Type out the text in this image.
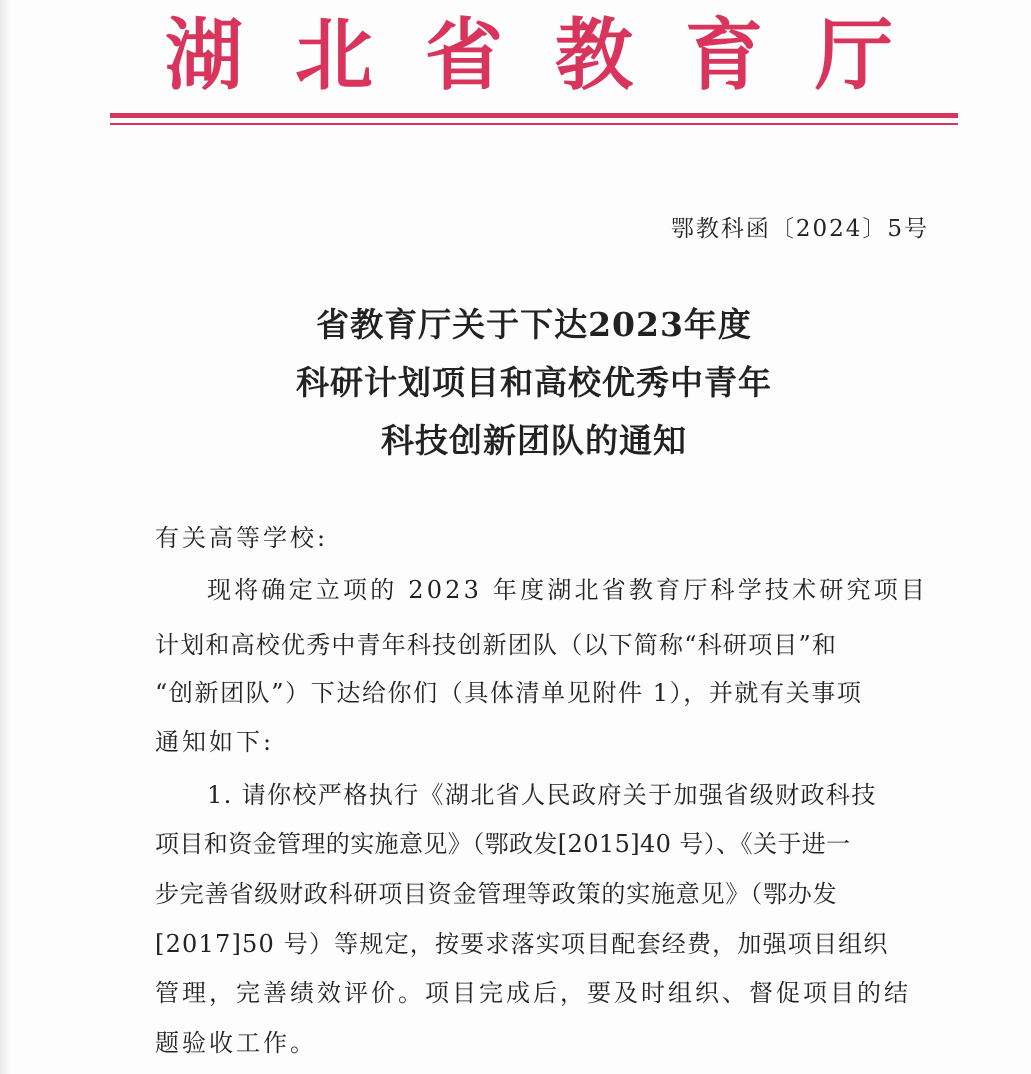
湖北省教育厅
鄂教科函〔2024〕5号
省教育厅关于下达2023年度
科研计划项目和高校优秀中青年
科技创新团队的通知
有关高等学校:
现将确定立项的 2023 年度湖北省教育厅科学技术研究项目
计划和高校优秀中青年科技创新团队（以下简称“科研项目”和
“创新团队”）下达给你们（具体清单见附件 1），并就有关事项
通知如下:
1. 请你校严格执行《湖北省人民政府关于加强省级财政科技
项目和资金管理的实施意见》（鄂政发[2015]40 号）、《关于进一
步完善省级财政科研项目资金管理等政策的实施意见》（鄂办发
[2017]50 号）等规定，按要求落实项目配套经费，加强项目组织
管理，完善绩效评价。项目完成后，要及时组织、督促项目的结
题验收工作。
